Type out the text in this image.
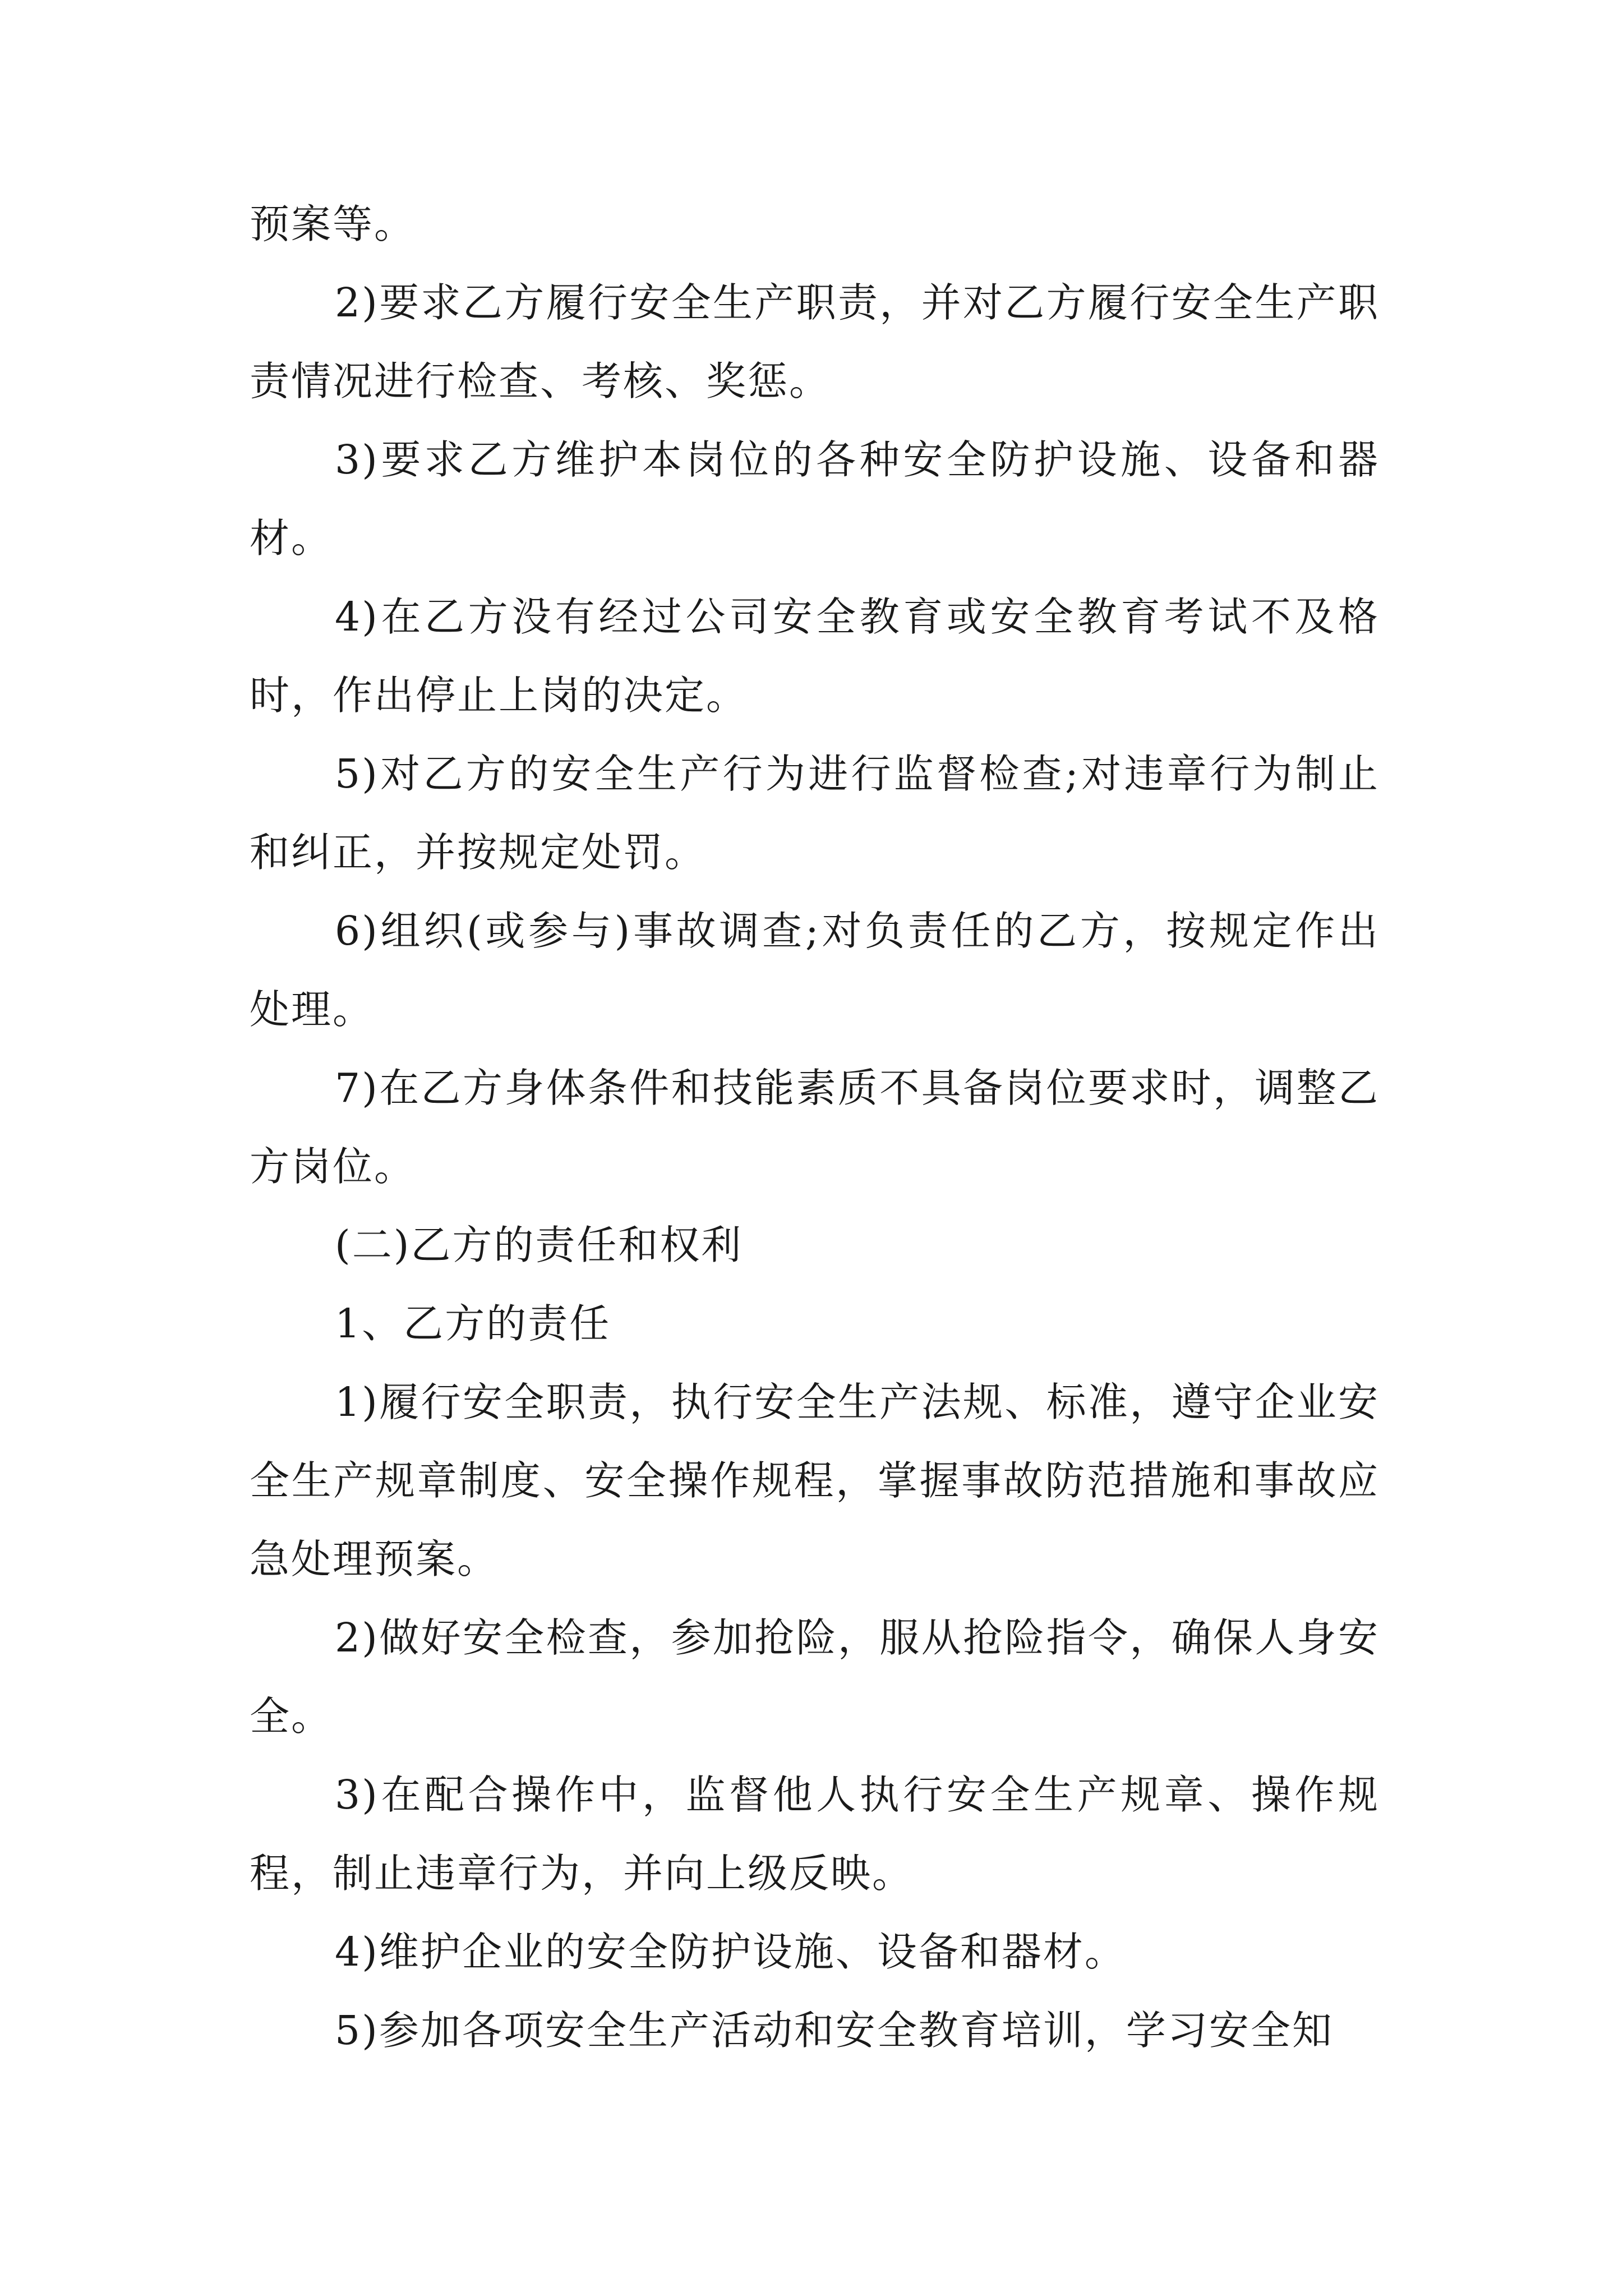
预案等。

2)要求乙方履行安全生产职责，并对乙方履行安全生产职责情况进行检查、考核、奖惩。

3)要求乙方维护本岗位的各种安全防护设施、设备和器材。

4)在乙方没有经过公司安全教育或安全教育考试不及格时，作出停止上岗的决定。

5)对乙方的安全生产行为进行监督检查;对违章行为制止和纠正，并按规定处罚。

6)组织(或参与)事故调查;对负责任的乙方，按规定作出处理。

7)在乙方身体条件和技能素质不具备岗位要求时，调整乙方岗位。

(二)乙方的责任和权利

1、乙方的责任

1)履行安全职责，执行安全生产法规、标准，遵守企业安全生产规章制度、安全操作规程，掌握事故防范措施和事故应急处理预案。

2)做好安全检查，参加抢险，服从抢险指令，确保人身安全。

3)在配合操作中，监督他人执行安全生产规章、操作规程，制止违章行为，并向上级反映。

4)维护企业的安全防护设施、设备和器材。

5)参加各项安全生产活动和安全教育培训，学习安全知
